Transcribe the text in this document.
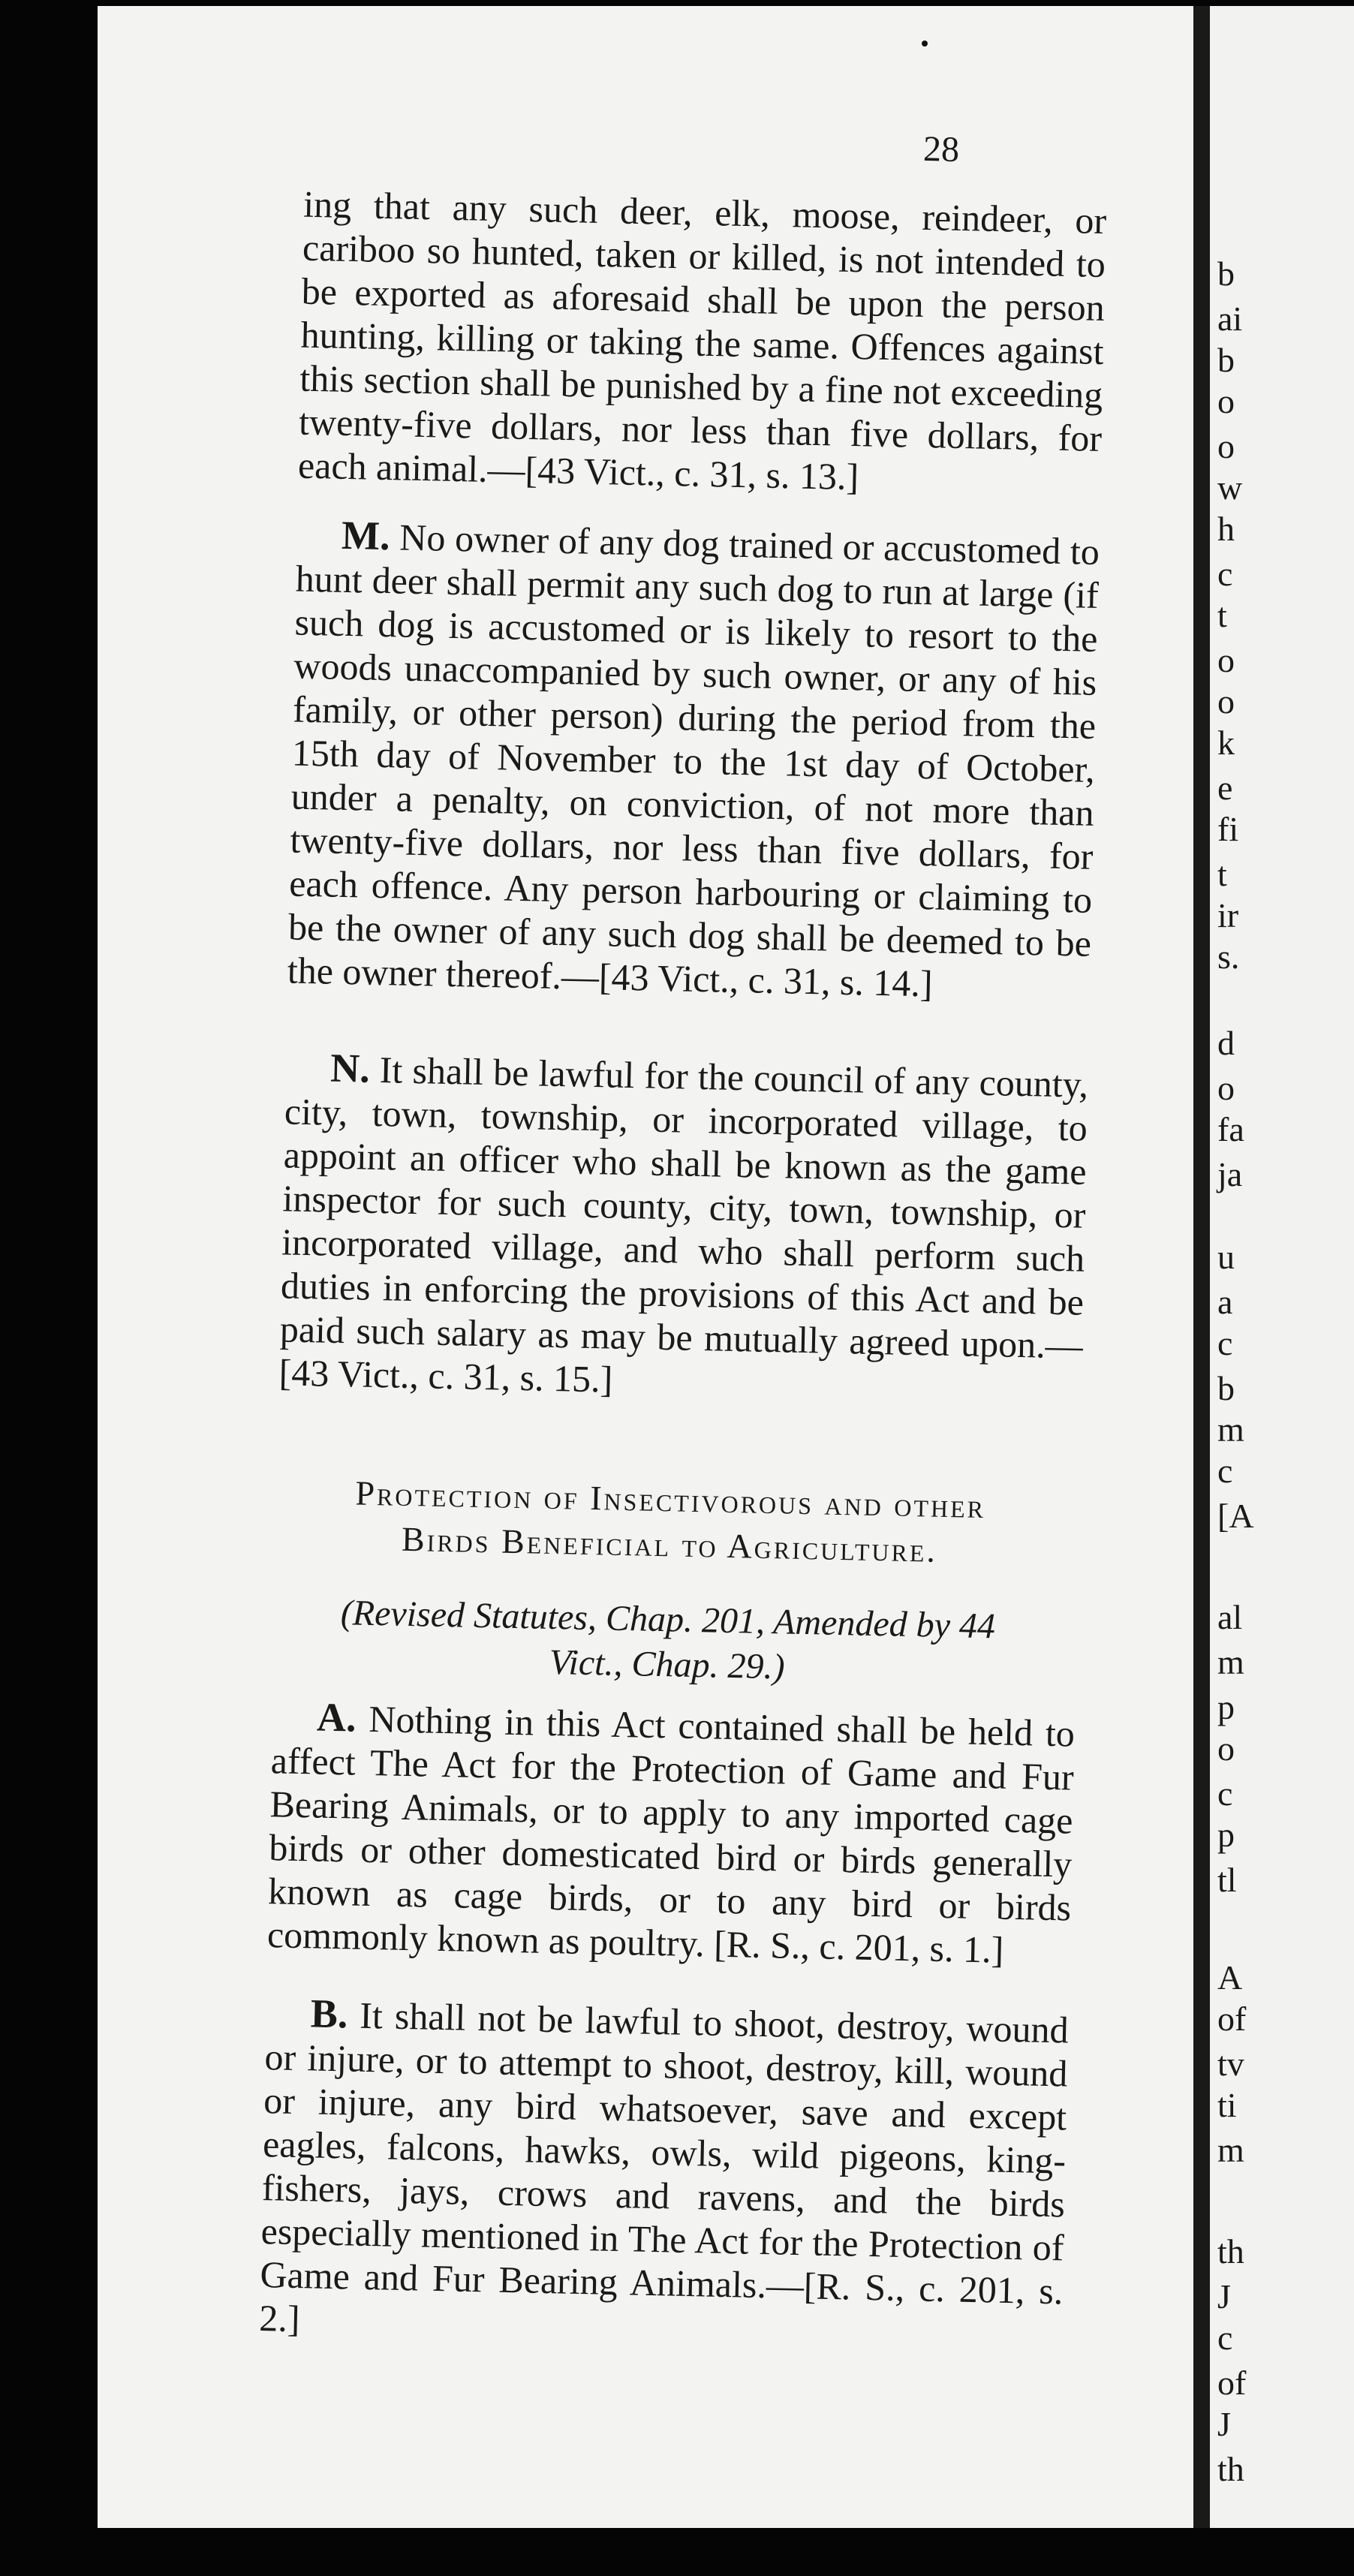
b
ai
b
o
o
w
h
c
t
o
o
k
e
fi
t
ir
s.
d
o
fa
ja
u
a
c
b
m
c
[A
al
m
p
o
c
p
tl
A
of
tv
ti
m
th
J
c
of
J
th
28
ing that any such deer, elk, moose, reindeer, or cariboo so hunted, taken or killed, is not intended to be exported as aforesaid shall be upon the person hunting, killing or taking the same. Offences against this section shall be punished by a fine not exceeding twenty-five dollars, nor less than five dollars, for each animal.—[43 Vict., c. 31, s. 13.]
M. No owner of any dog trained or accustomed to hunt deer shall permit any such dog to run at large (if such dog is accustomed or is likely to resort to the woods unaccompanied by such owner, or any of his family, or other person) during the period from the 15th day of November to the 1st day of October, under a penalty, on conviction, of not more than twenty-five dollars, nor less than five dollars, for each offence. Any person harbouring or claiming to be the owner of any such dog shall be deemed to be the owner thereof.—[43 Vict., c. 31, s. 14.]
N. It shall be lawful for the council of any county, city, town, township, or incorporated village, to appoint an officer who shall be known as the game inspector for such county, city, town, township, or incorporated village, and who shall perform such duties in enforcing the provisions of this Act and be paid such salary as may be mutually agreed upon.—[43 Vict., c. 31, s. 15.]
Protection of Insectivorous and other
Birds Beneficial to Agriculture.
(Revised Statutes, Chap. 201, Amended by 44
Vict., Chap. 29.)
A. Nothing in this Act contained shall be held to affect The Act for the Protection of Game and Fur Bearing Animals, or to apply to any imported cage birds or other domesticated bird or birds generally known as cage birds, or to any bird or birds commonly known as poultry. [R. S., c. 201, s. 1.]
B. It shall not be lawful to shoot, destroy, wound or injure, or to attempt to shoot, destroy, kill, wound or injure, any bird whatsoever, save and except eagles, falcons, hawks, owls, wild pigeons, king-fishers, jays, crows and ravens, and the birds especially mentioned in The Act for the Protection of Game and Fur Bearing Animals.—[R. S., c. 201, s. 2.]
